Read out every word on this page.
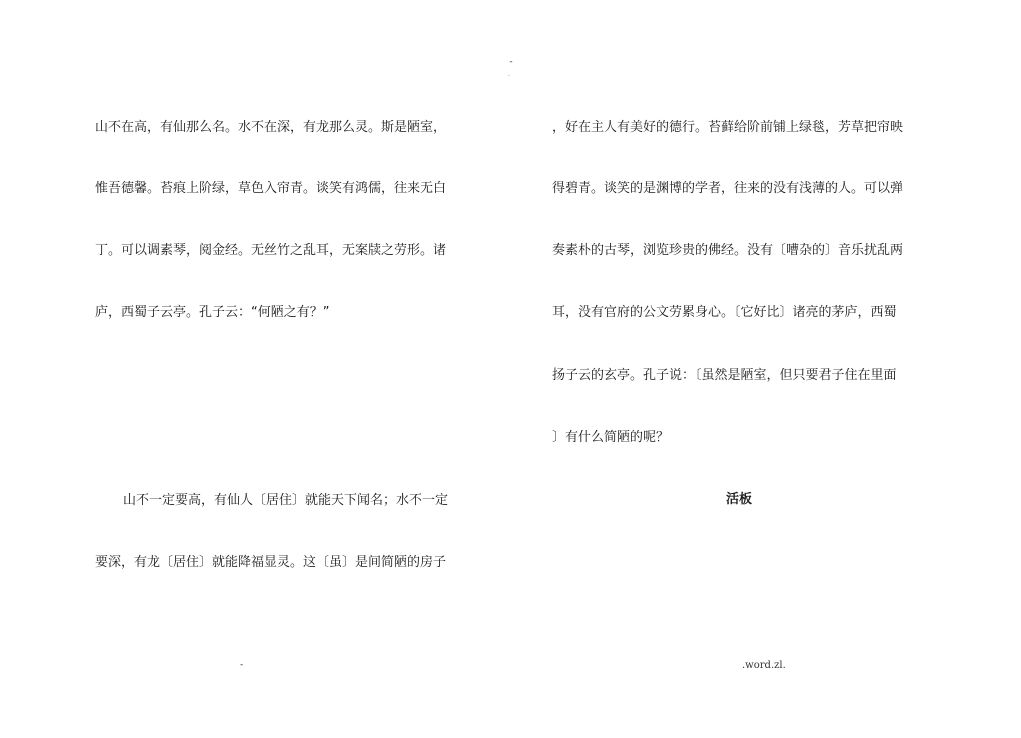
-
.
山不在高，有仙那么名。水不在深，有龙那么灵。斯是陋室，
惟吾德馨。苔痕上阶绿，草色入帘青。谈笑有鸿儒，往来无白
丁。可以调素琴，阅金经。无丝竹之乱耳，无案牍之劳形。诸
庐，西蜀子云亭。孔子云：“何陋之有？”
山不一定要高，有仙人〔居住〕就能天下闻名；水不一定
要深，有龙〔居住〕就能降福显灵。这〔虽〕是间简陋的房子
，好在主人有美好的德行。苔藓给阶前铺上绿毯，芳草把帘映
得碧青。谈笑的是渊博的学者，往来的没有浅薄的人。可以弹
奏素朴的古琴，浏览珍贵的佛经。没有〔嘈杂的〕音乐扰乱两
耳，没有官府的公文劳累身心。〔它好比〕诸亮的茅庐，西蜀
扬子云的玄亭。孔子说：〔虽然是陋室，但只要君子住在里面
〕有什么简陋的呢？
活板
-	.word.zl.
